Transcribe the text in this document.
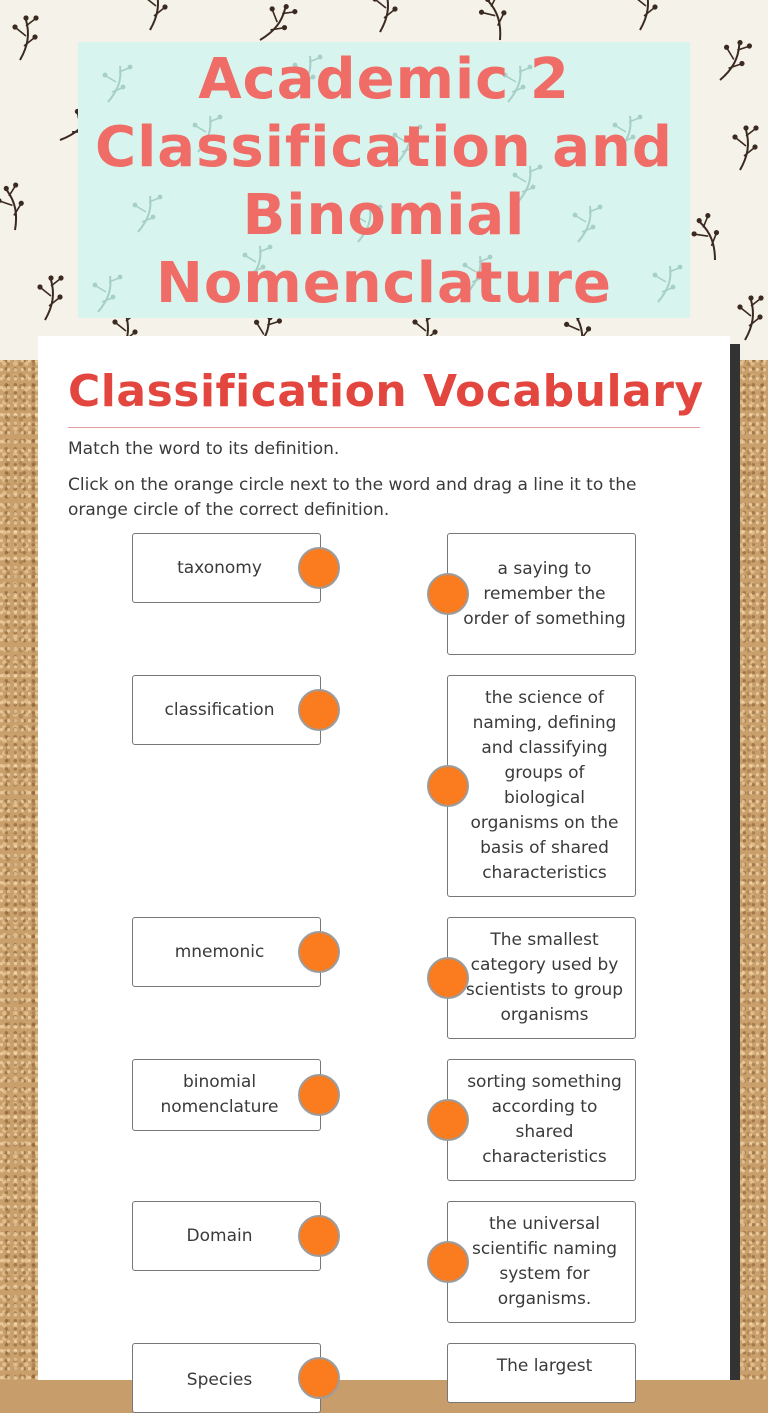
Academic 2 Classification and Binomial Nomenclature
Classification Vocabulary
Match the word to its definition.
Click on the orange circle next to the word and drag a line it to the orange circle of the correct definition.
taxonomy
classification
mnemonic
binomial nomenclature
Domain
Species
a saying to remember the order of something
the science of naming, defining and classifying groups of biological organisms on the basis of shared characteristics
The smallest category used by scientists to group organisms
sorting something according to shared characteristics
the universal scientific naming system for organisms.
The largest
